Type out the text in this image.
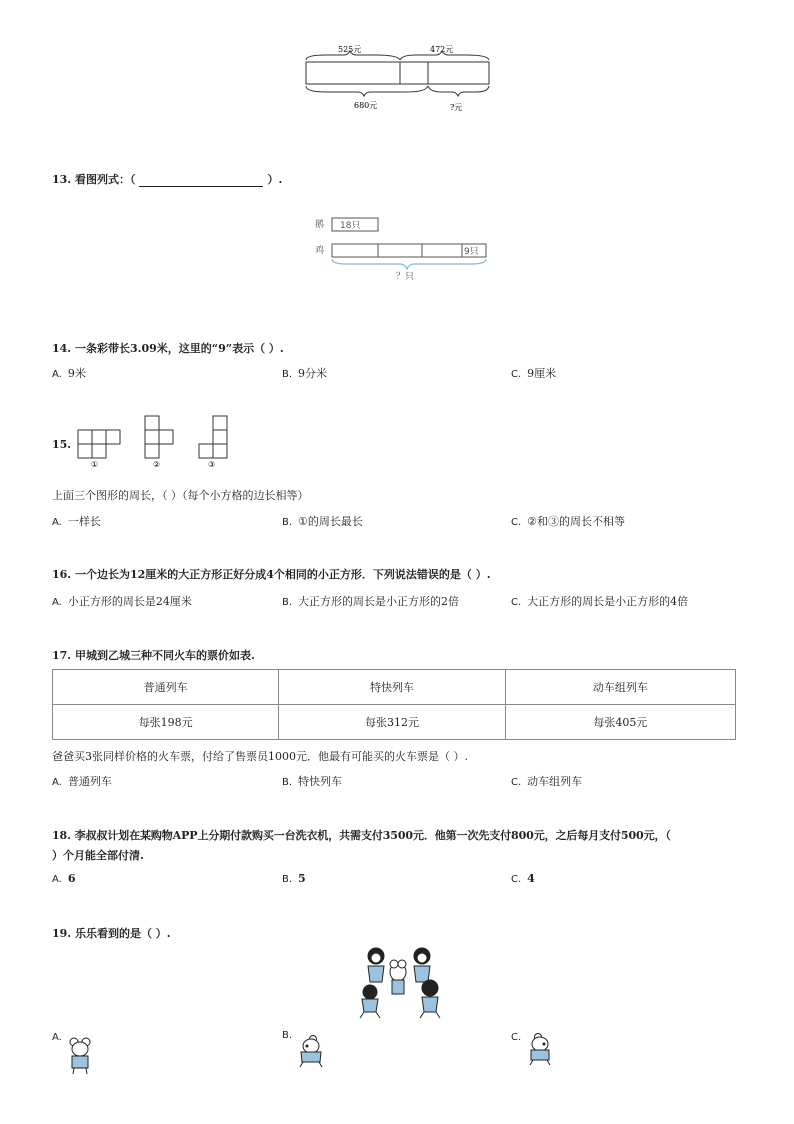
525元	472元
680元	?元
13. 看图列式：（	）.
鹅 18只
鸡	9只
？只
14. 一条彩带长3.09米，这里的“9”表示（ ）.
A. 9米	B. 9分米	C. 9厘米
15.
①	②	③
上面三个图形的周长，（ ）（每个小方格的边长相等）
A. 一样长	B. ①的周长最长	C. ②和③的周长不相等
16. 一个边长为12厘米的大正方形正好分成4个相同的小正方形．下列说法错误的是（ ）.
A. 小正方形的周长是24厘米	B. 大正方形的周长是小正方形的2倍	C. 大正方形的周长是小正方形的4倍
17. 甲城到乙城三种不同火车的票价如表.
普通列车	特快列车	动车组列车
每张198元	每张312元	每张405元
爸爸买3张同样价格的火车票，付给了售票员1000元．他最有可能买的火车票是（ ）.
A. 普通列车	B. 特快列车	C. 动车组列车
18. 李叔叔计划在某购物APP上分期付款购买一台洗衣机，共需支付3500元．他第一次先支付800元，之后每月支付500元，（
）个月能全部付清.
A. 6	B. 5	C. 4
19. 乐乐看到的是（ ）.
A.	B.	C.
